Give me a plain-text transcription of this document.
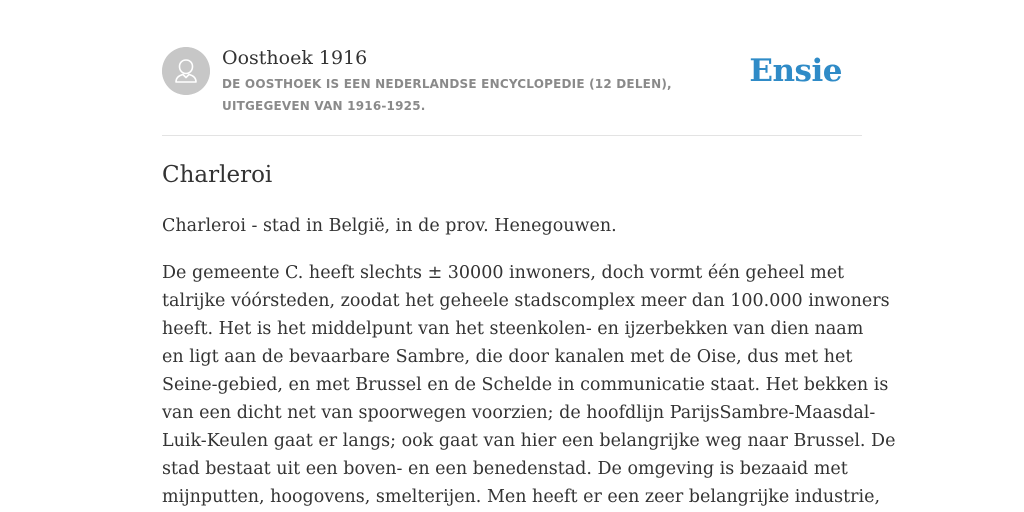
Oosthoek 1916
DE OOSTHOEK IS EEN NEDERLANDSE ENCYCLOPEDIE (12 DELEN), UITGEGEVEN VAN 1916-1925.
Ensie
Charleroi

Charleroi - stad in België, in de prov. Henegouwen.

De gemeente C. heeft slechts ± 30000 inwoners, doch vormt één geheel met
talrijke vóórsteden, zoodat het geheele stadscomplex meer dan 100.000 inwoners
heeft. Het is het middelpunt van het steenkolen- en ijzerbekken van dien naam
en ligt aan de bevaarbare Sambre, die door kanalen met de Oise, dus met het
Seine-gebied, en met Brussel en de Schelde in communicatie staat. Het bekken is
van een dicht net van spoorwegen voorzien; de hoofdlijn ParijsSambre-Maasdal-
Luik-Keulen gaat er langs; ook gaat van hier een belangrijke weg naar Brussel. De
stad bestaat uit een boven- en een benedenstad. De omgeving is bezaaid met
mijnputten, hoogovens, smelterijen. Men heeft er een zeer belangrijke industrie,
